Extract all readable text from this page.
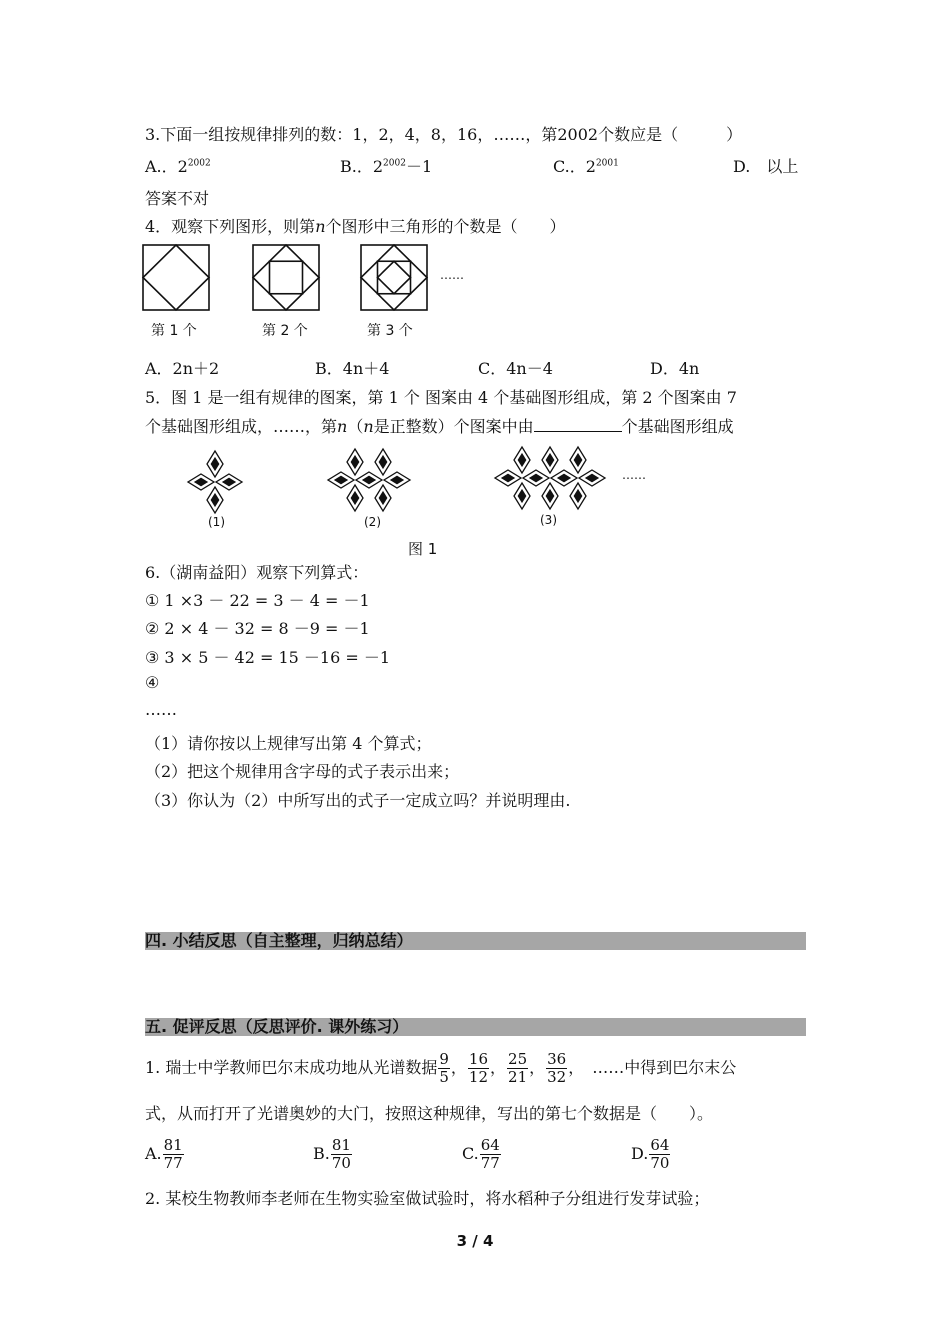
3.下面一组按规律排列的数：1，2，4，8，16，……，第2002个数应是（　　　）
A.．$2^{2002}$	B.．$2^{2002}-1$	C.．$2^{2001}$	D.　以上
答案不对
4．观察下列图形，则第n个图形中三角形的个数是（　　）
……
第 1 个	第 2 个	第 3 个
A．2n＋2	B．4n＋4	C．4n－4	D．4n
5．图 1 是一组有规律的图案，第 1 个 图案由 4 个基础图形组成，第 2 个图案由 7
个基础图形组成，……，第n（n是正整数）个图案中由	个基础图形组成
(1)	(2)	(3)
……
图 1
6.（湖南益阳）观察下列算式：
① 1 ×3 － 22 = 3 － 4 = －1
② 2 × 4 － 32 = 8 －9 = －1
③ 3 × 5 － 42 = 15 －16 = －1
④
……
（1）请你按以上规律写出第 4 个算式；
（2）把这个规律用含字母的式子表示出来；
（3）你认为（2）中所写出的式子一定成立吗？并说明理由.
四. 小结反思（自主整理，归纳总结）
五. 促评反思（反思评价. 课外练习）
1. 瑞士中学教师巴尔末成功地从光谱数据 $\frac{9}{5}$ ， $\frac{16}{12}$ ， $\frac{25}{21}$ ， $\frac{36}{32}$ ，　……中得到巴尔末公
式，从而打开了光谱奥妙的大门，按照这种规律，写出的第七个数据是（　　）。
A. $\frac{81}{77}$	B. $\frac{81}{70}$	C. $\frac{64}{77}$	D. $\frac{64}{70}$
2. 某校生物教师李老师在生物实验室做试验时，将水稻种子分组进行发芽试验；
3 / 4
